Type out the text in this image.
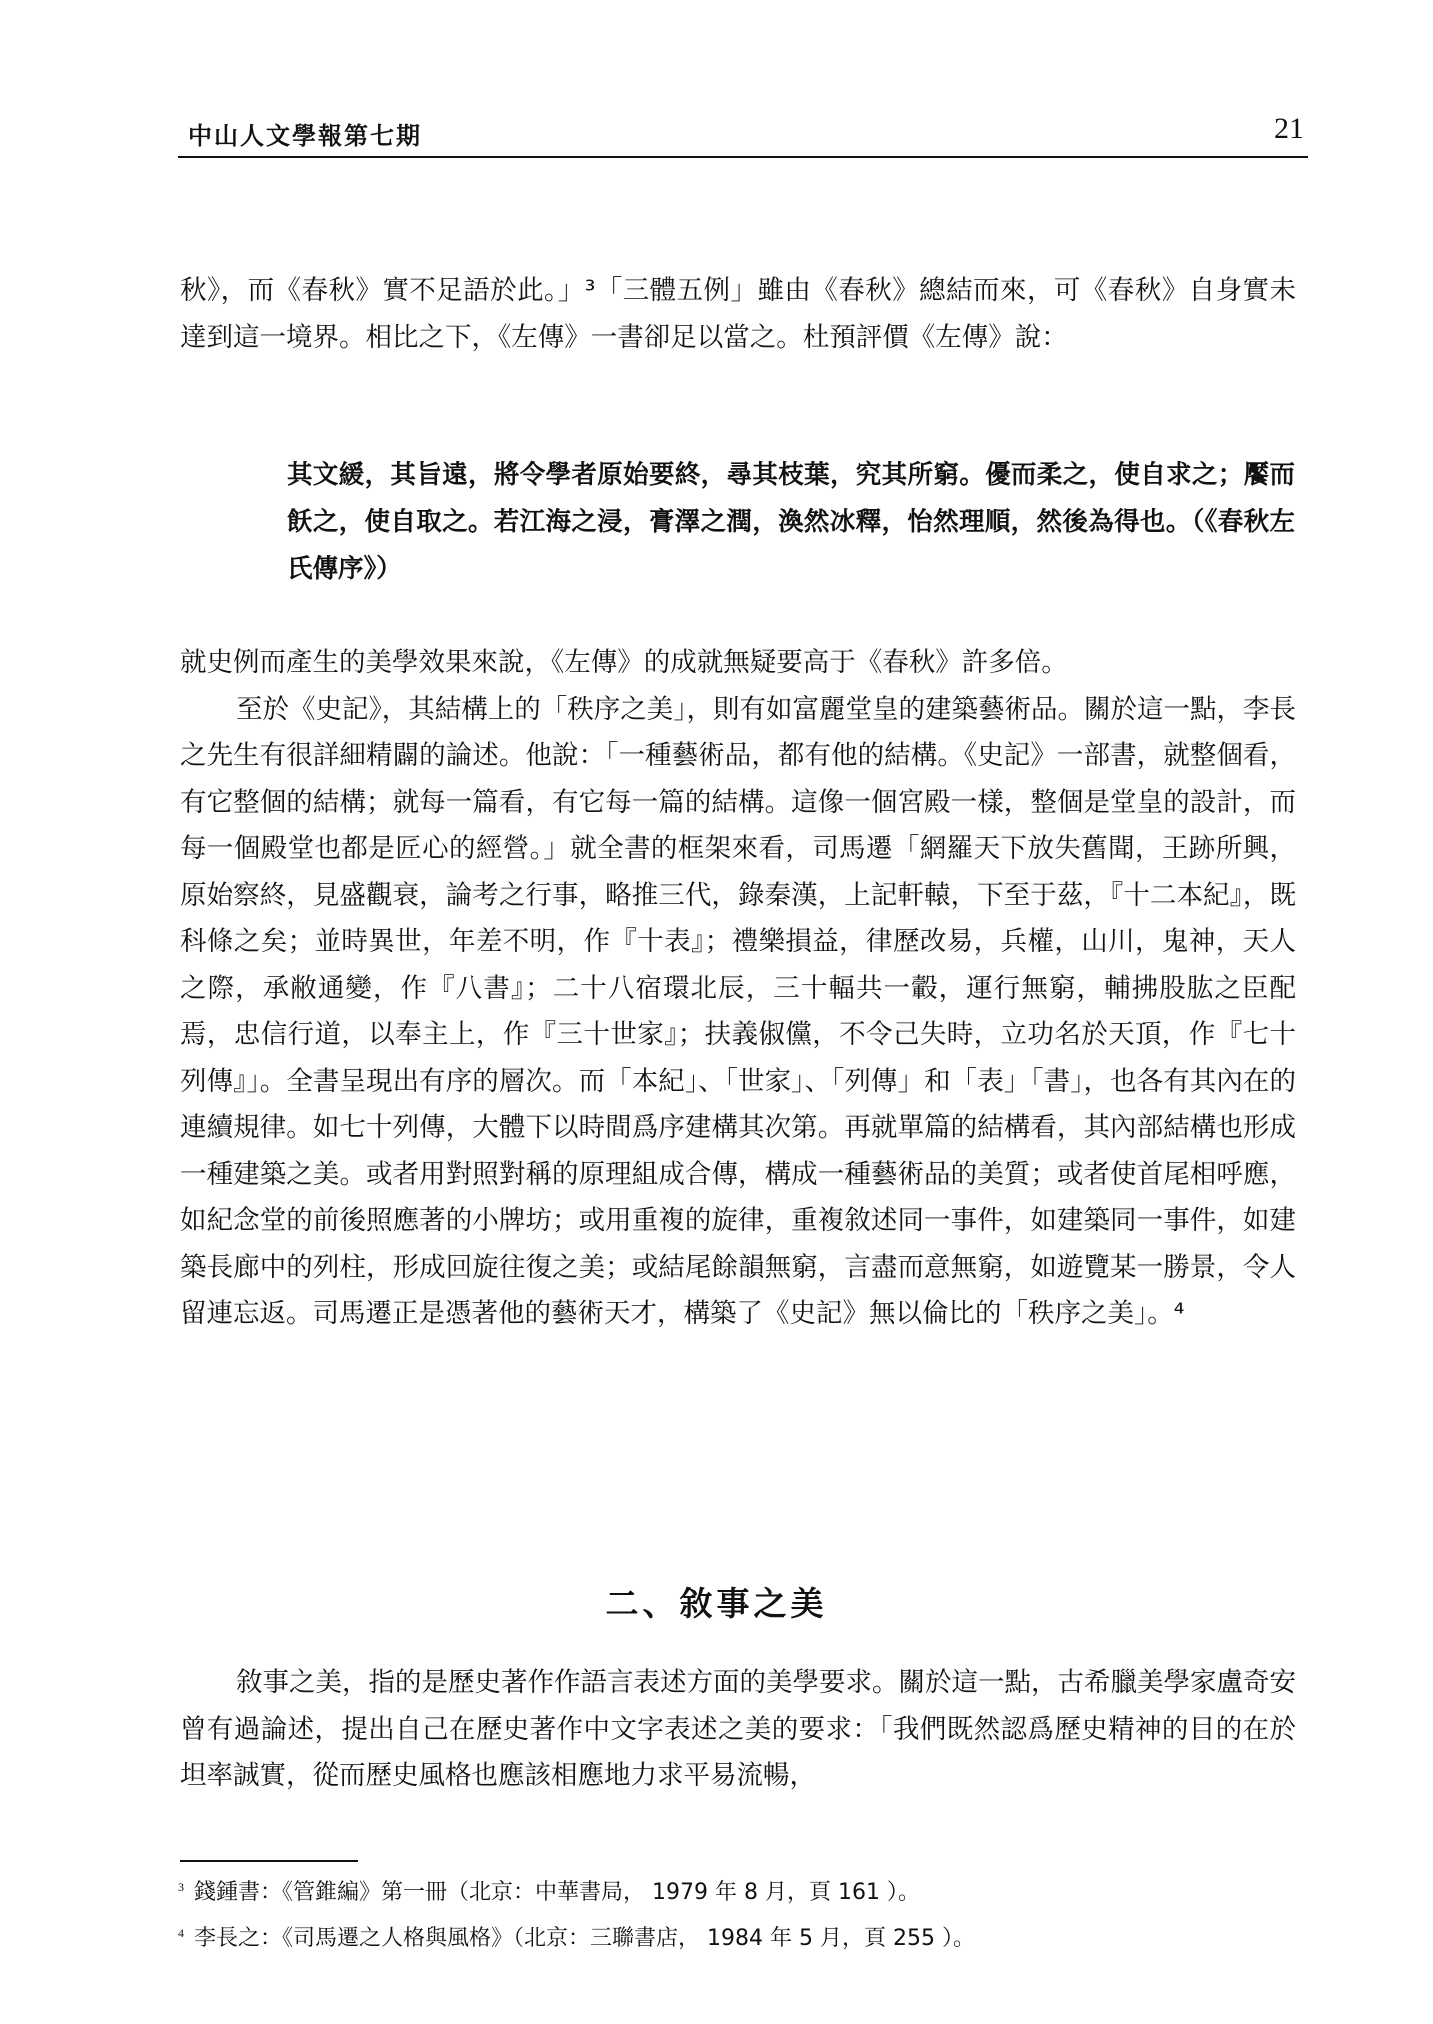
中山人文學報第七期	21

秋》，而《春秋》實不足語於此。」³「三體五例」雖由《春秋》總結而來，可《春秋》自身實未達到這一境界。相比之下，《左傳》一書卻足以當之。杜預評價《左傳》說：

其文緩，其旨遠，將令學者原始要終，尋其枝葉，究其所窮。優而柔之，使自求之；饜而飫之，使自取之。若江海之浸，膏澤之潤，渙然冰釋，怡然理順，然後為得也。（《春秋左氏傳序》）

就史例而產生的美學效果來說，《左傳》的成就無疑要高于《春秋》許多倍。

至於《史記》，其結構上的「秩序之美」，則有如富麗堂皇的建築藝術品。關於這一點，李長之先生有很詳細精闢的論述。他說：「一種藝術品，都有他的結構。《史記》一部書，就整個看，有它整個的結構；就每一篇看，有它每一篇的結構。這像一個宮殿一樣，整個是堂皇的設計，而每一個殿堂也都是匠心的經營。」就全書的框架來看，司馬遷「網羅天下放失舊聞，王跡所興，原始察終，見盛觀衰，論考之行事，略推三代，錄秦漢，上記軒轅，下至于茲，『十二本紀』，既科條之矣；並時異世，年差不明，作『十表』；禮樂損益，律歷改易，兵權，山川，鬼神，天人之際，承敝通變，作『八書』；二十八宿環北辰，三十輻共一轂，運行無窮，輔拂股肱之臣配焉，忠信行道，以奉主上，作『三十世家』；扶義俶儻，不令己失時，立功名於天頂，作『七十列傳』」。全書呈現出有序的層次。而「本紀」、「世家」、「列傳」和「表」「書」，也各有其內在的連續規律。如七十列傳，大體下以時間爲序建構其次第。再就單篇的結構看，其內部結構也形成一種建築之美。或者用對照對稱的原理組成合傳，構成一種藝術品的美質；或者使首尾相呼應，如紀念堂的前後照應著的小牌坊；或用重複的旋律，重複敘述同一事件，如建築同一事件，如建築長廊中的列柱，形成回旋往復之美；或結尾餘韻無窮，言盡而意無窮，如遊覽某一勝景，令人留連忘返。司馬遷正是憑著他的藝術天才，構築了《史記》無以倫比的「秩序之美」。⁴

二、敘事之美

敘事之美，指的是歷史著作作語言表述方面的美學要求。關於這一點，古希臘美學家盧奇安曾有過論述，提出自己在歷史著作中文字表述之美的要求：「我們既然認爲歷史精神的目的在於坦率誠實，從而歷史風格也應該相應地力求平易流暢，

$^3$ 錢鍾書：《管錐編》第一冊（北京：中華書局， 1979 年 8 月，頁 161 ）。

$^4$ 李長之：《司馬遷之人格與風格》（北京：三聯書店， 1984 年 5 月，頁 255 ）。
